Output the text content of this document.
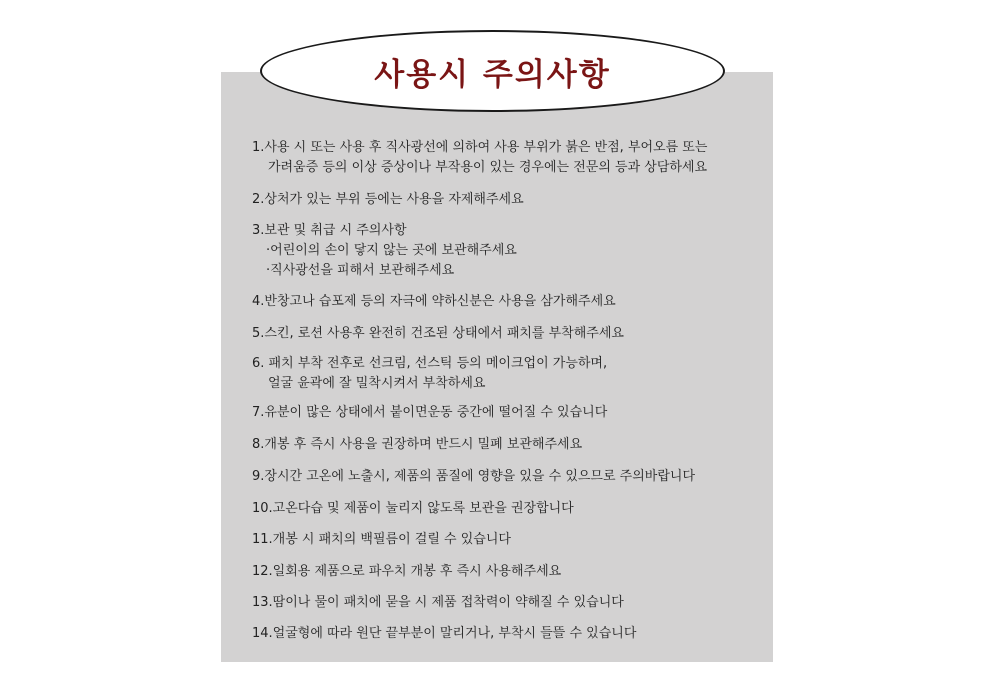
사용시 주의사항
1.사용 시 또는 사용 후 직사광선에 의하여 사용 부위가 붉은 반점, 부어오름 또는
가려움증 등의 이상 증상이나 부작용이 있는 경우에는 전문의 등과 상담하세요
2.상처가 있는 부위 등에는 사용을 자제해주세요
3.보관 및 취급 시 주의사항
·어린이의 손이 닿지 않는 곳에 보관해주세요
·직사광선을 피해서 보관해주세요
4.반창고나 습포제 등의 자극에 약하신분은 사용을 삼가해주세요
5.스킨, 로션 사용후 완전히 건조된 상태에서 패치를 부착해주세요
6. 패치 부착 전후로 선크림, 선스틱 등의 메이크업이 가능하며,
얼굴 윤곽에 잘 밀착시켜서 부착하세요
7.유분이 많은 상태에서 붙이면운동 중간에 떨어질 수 있습니다
8.개봉 후 즉시 사용을 권장하며 반드시 밀폐 보관해주세요
9.장시간 고온에 노출시, 제품의 품질에 영향을 있을 수 있으므로 주의바랍니다
10.고온다습 및 제품이 눌리지 않도록 보관을 권장합니다
11.개봉 시 패치의 백필름이 걸릴 수 있습니다
12.일회용 제품으로 파우치 개봉 후 즉시 사용해주세요
13.땀이나 물이 패치에 묻을 시 제품 접착력이 약해질 수 있습니다
14.얼굴형에 따라 원단 끝부분이 말리거나, 부착시 들뜰 수 있습니다
